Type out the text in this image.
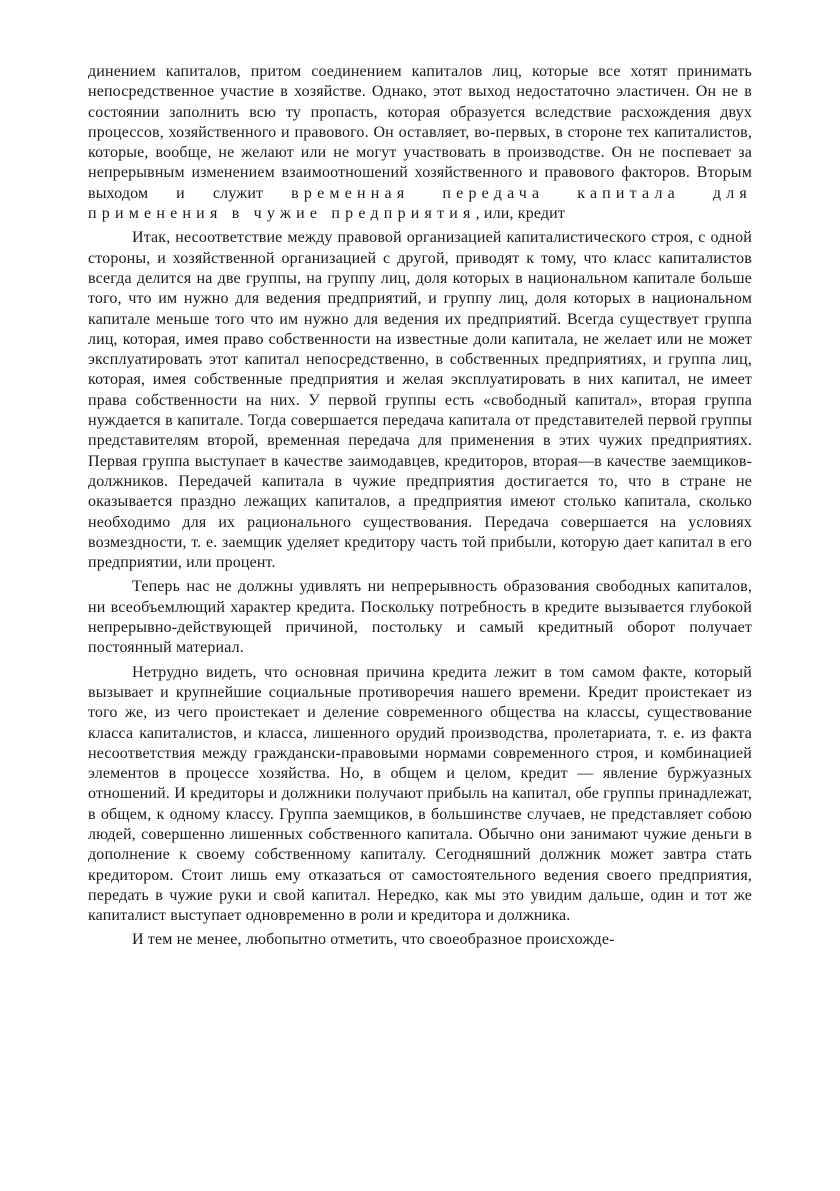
динением капиталов, притом соединением капиталов лиц, которые все хотят принимать непосредственное участие в хозяйстве. Однако, этот выход недостаточно эластичен. Он не в состоянии заполнить всю ту пропасть, которая образуется вследствие расхождения двух процессов, хозяйственного и правового. Он оставляет, во-первых, в стороне тех капиталистов, которые, вообще, не желают или не могут участвовать в производстве. Он не поспевает за непрерывным изменением взаимоотношений хозяйственного и правового факторов. Вторым выходом и служит временная передача капитала для применения в чужие предприятия, или, кредит

Итак, несоответствие между правовой организацией капиталистического строя, с одной стороны, и хозяйственной организацией с другой, приводят к тому, что класс капиталистов всегда делится на две группы, на группу лиц, доля которых в национальном капитале больше того, что им нужно для ведения предприятий, и группу лиц, доля которых в национальном капитале меньше того что им нужно для ведения их предприятий. Всегда существует группа лиц, которая, имея право собственности на известные доли капитала, не желает или не может эксплуатировать этот капитал непосредственно, в собственных предприятиях, и группа лиц, которая, имея собственные предприятия и желая эксплуатировать в них капитал, не имеет права собственности на них. У первой группы есть «свободный капитал», вторая группа нуждается в капитале. Тогда совершается передача капитала от представителей первой группы представителям второй, временная передача для применения в этих чужих предприятиях. Первая группа выступает в качестве заимодавцев, кредиторов, вторая—в качестве заемщиков-должников. Передачей капитала в чужие предприятия достигается то, что в стране не оказывается праздно лежащих капиталов, а предприятия имеют столько капитала, сколько необходимо для их рационального существования. Передача совершается на условиях возмездности, т. е. заемщик уделяет кредитору часть той прибыли, которую дает капитал в его предприятии, или процент.

Теперь нас не должны удивлять ни непрерывность образования свободных капиталов, ни всеобъемлющий характер кредита. Поскольку потребность в кредите вызывается глубокой непрерывно-действующей причиной, постольку и самый кредитный оборот получает постоянный материал.

Нетрудно видеть, что основная причина кредита лежит в том самом факте, который вызывает и крупнейшие социальные противоречия нашего времени. Кредит проистекает из того же, из чего проистекает и деление современного общества на классы, существование класса капиталистов, и класса, лишенного орудий производства, пролетариата, т. е. из факта несоответствия между граждански-правовыми нормами современного строя, и комбинацией элементов в процессе хозяйства. Но, в общем и целом, кредит — явление буржуазных отношений. И кредиторы и должники получают прибыль на капитал, обе группы принадлежат, в общем, к одному классу. Группа заемщиков, в большинстве случаев, не представляет собою людей, совершенно лишенных собственного капитала. Обычно они занимают чужие деньги в дополнение к своему собственному капиталу. Сегодняшний должник может завтра стать кредитором. Стоит лишь ему отказаться от самостоятельного ведения своего предприятия, передать в чужие руки и свой капитал. Нередко, как мы это увидим дальше, один и тот же капиталист выступает одновременно в роли и кредитора и должника.

И тем не менее, любопытно отметить, что своеобразное происхожде-
